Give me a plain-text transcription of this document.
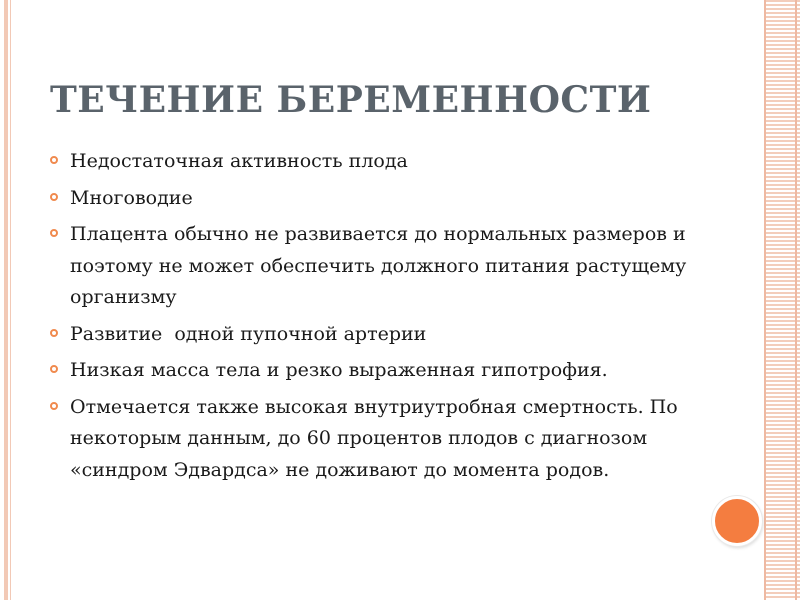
ТЕЧЕНИЕ БЕРЕМЕННОСТИ
Недостаточная активность плода
Многоводие
Плацента обычно не развивается до нормальных размеров и поэтому не может обеспечить должного питания растущему организму
Развитие  одной пупочной артерии
Низкая масса тела и резко выраженная гипотрофия.
Отмечается также высокая внутриутробная смертность. По некоторым данным, до 60 процентов плодов с диагнозом «синдром Эдвардса» не доживают до момента родов.
